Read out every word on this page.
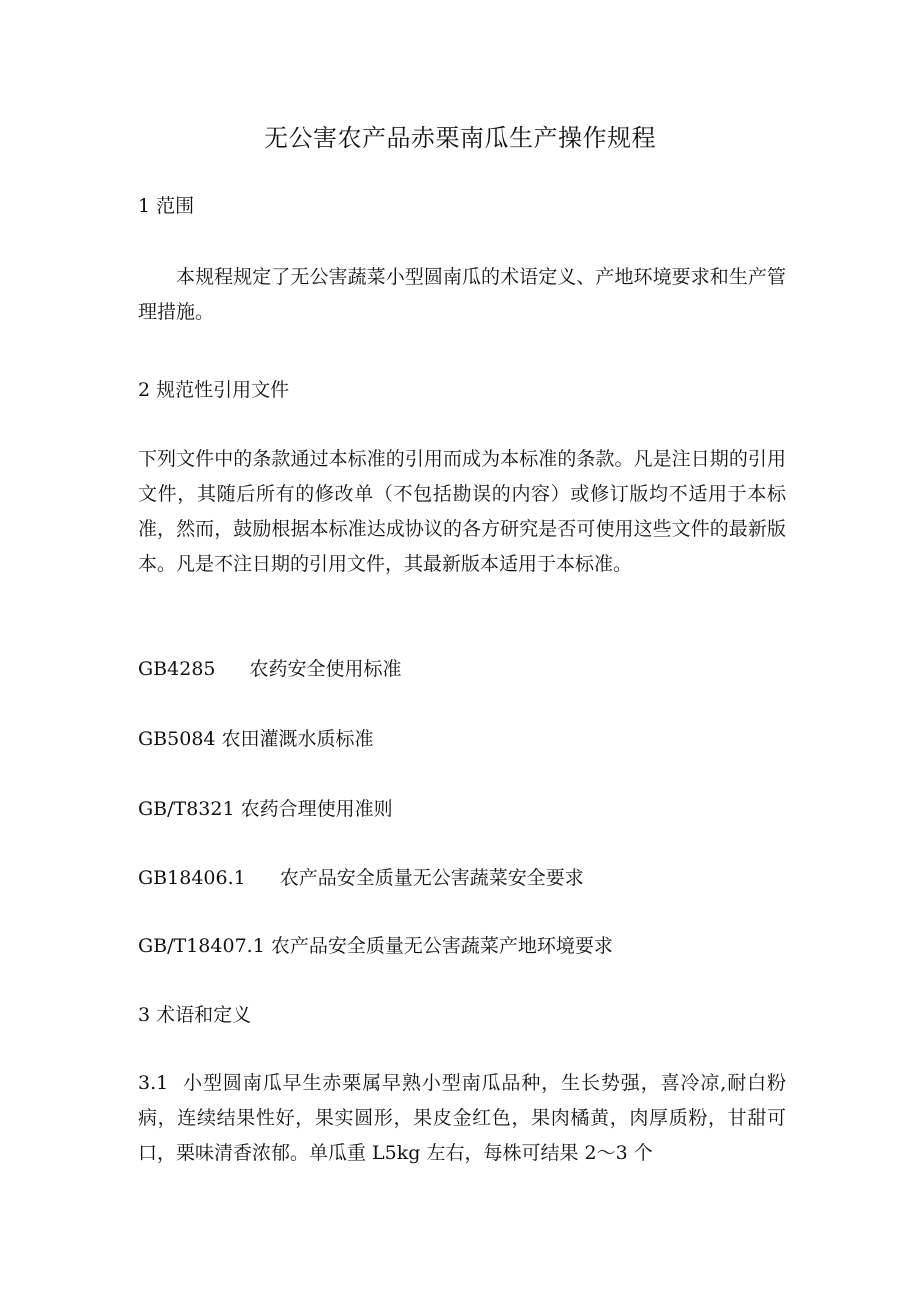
无公害农产品赤栗南瓜生产操作规程
1 范围
本规程规定了无公害蔬菜小型圆南瓜的术语定义、产地环境要求和生产管理措施。
2 规范性引用文件
下列文件中的条款通过本标准的引用而成为本标准的条款。凡是注日期的引用文件，其随后所有的修改单（不包括勘误的内容）或修订版均不适用于本标准，然而，鼓励根据本标准达成协议的各方研究是否可使用这些文件的最新版本。凡是不注日期的引用文件，其最新版本适用于本标准。
GB4285 农药安全使用标准
GB5084 农田灌溉水质标准
GB/T8321 农药合理使用准则
GB18406.1 农产品安全质量无公害蔬菜安全要求
GB/T18407.1 农产品安全质量无公害蔬菜产地环境要求
3 术语和定义
3.1 小型圆南瓜早生赤栗属早熟小型南瓜品种，生长势强，喜冷凉,耐白粉病，连续结果性好，果实圆形，果皮金红色，果肉橘黄，肉厚质粉，甘甜可口，栗味清香浓郁。单瓜重 L5kg 左右，每株可结果 2～3 个
